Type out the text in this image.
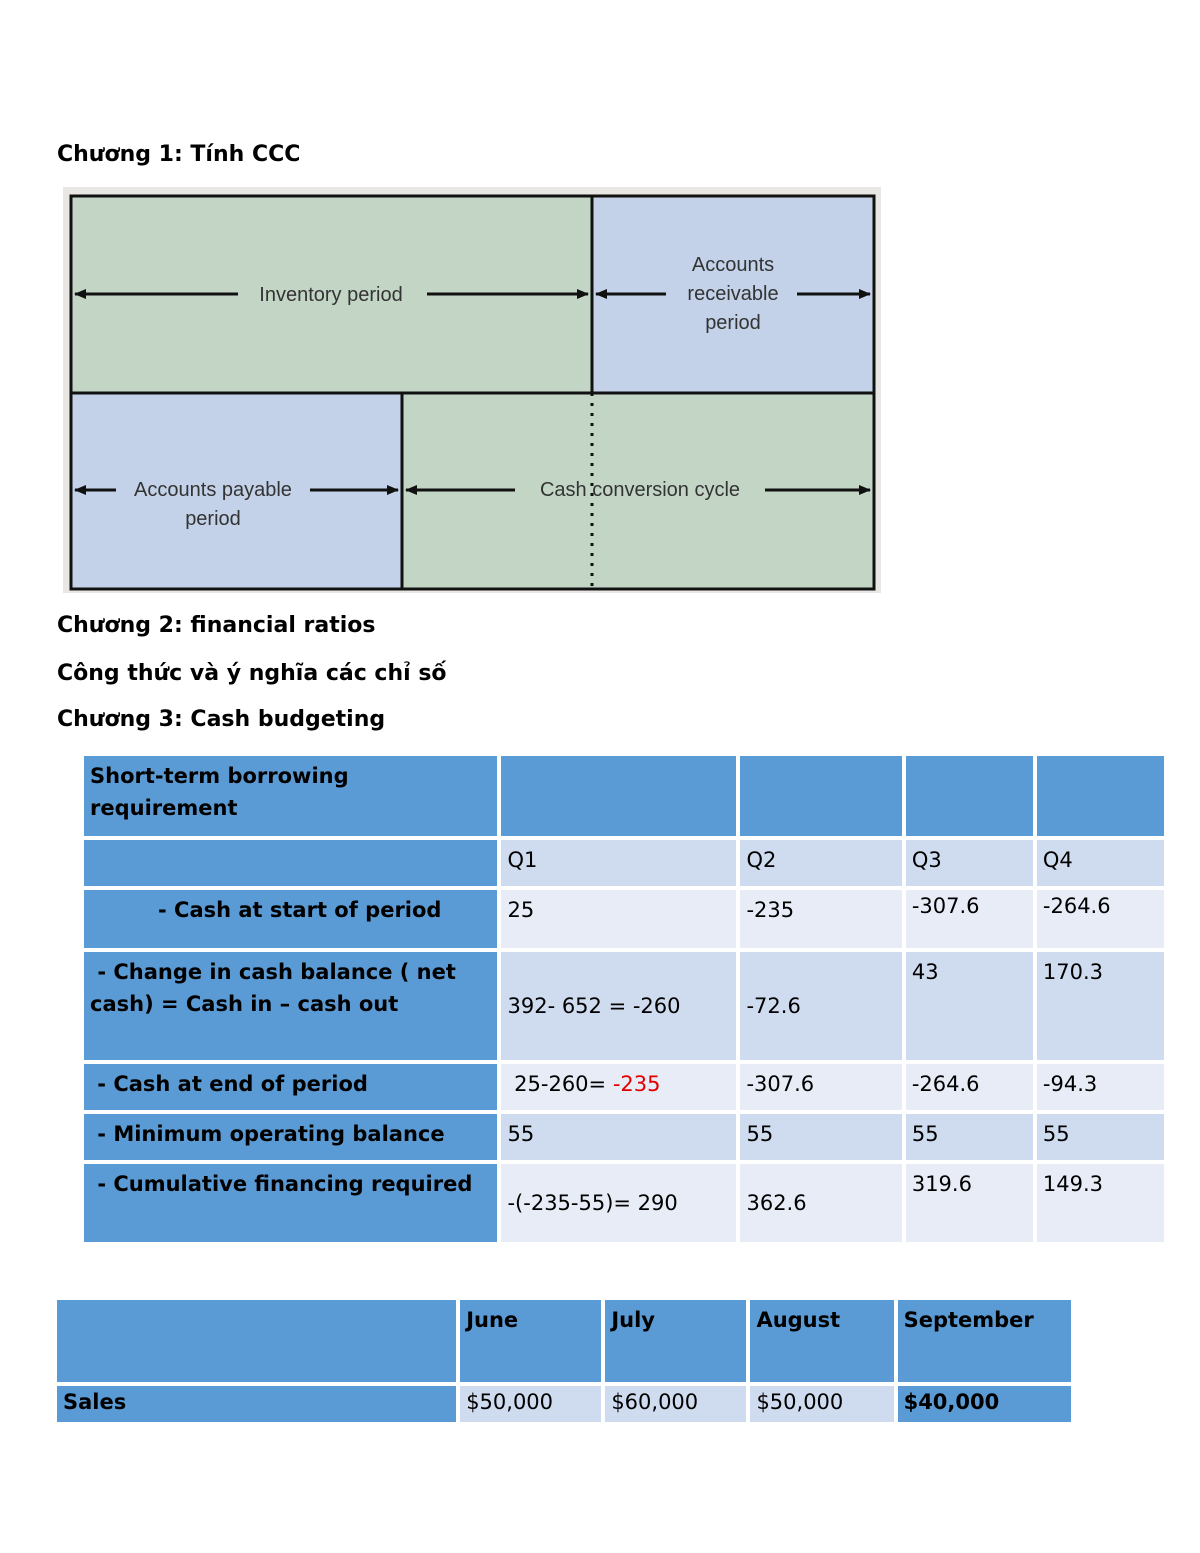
Chương 1: Tính CCC
Inventory period
Accounts
receivable
period
Accounts payable
period
Cash conversion cycle
Chương 2: financial ratios
Công thức và ý nghĩa các chỉ số
Chương 3: Cash budgeting
Short-term borrowing requirement				
	Q1	Q2	Q3	Q4
- Cash at start of period	25	-235	-307.6	-264.6
- Change in cash balance ( net cash) = Cash in – cash out	392- 652 = -260	-72.6	43	170.3
- Cash at end of period	25-260= -235	-307.6	-264.6	-94.3
- Minimum operating balance	55	55	55	55
- Cumulative financing required	-(-235-55)= 290	362.6	319.6	149.3
	June	July	August	September
Sales	$50,000	$60,000	$50,000	$40,000
